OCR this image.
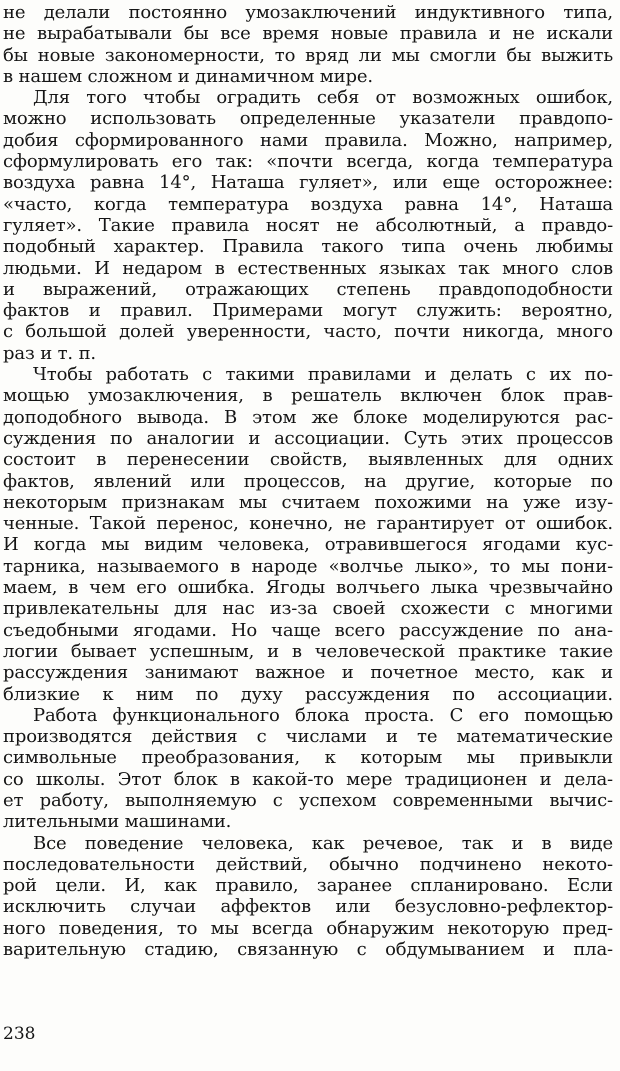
не делали постоянно умозаключений индуктивного типа,
не вырабатывали бы все время новые правила и не искали
бы новые закономерности, то вряд ли мы смогли бы выжить
в нашем сложном и динамичном мире.
Для того чтобы оградить себя от возможных ошибок,
можно использовать определенные указатели правдопо-
добия сформированного нами правила. Можно, например,
сформулировать его так: «почти всегда, когда температура
воздуха равна 14°, Наташа гуляет», или еще осторожнее:
«часто, когда температура воздуха равна 14°, Наташа
гуляет». Такие правила носят не абсолютный, а правдо-
подобный характер. Правила такого типа очень любимы
людьми. И недаром в естественных языках так много слов
и выражений, отражающих степень правдоподобности
фактов и правил. Примерами могут служить: вероятно,
с большой долей уверенности, часто, почти никогда, много
раз и т. п.
Чтобы работать с такими правилами и делать с их по-
мощью умозаключения, в решатель включен блок прав-
доподобного вывода. В этом же блоке моделируются рас-
суждения по аналогии и ассоциации. Суть этих процессов
состоит в перенесении свойств, выявленных для одних
фактов, явлений или процессов, на другие, которые по
некоторым признакам мы считаем похожими на уже изу-
ченные. Такой перенос, конечно, не гарантирует от ошибок.
И когда мы видим человека, отравившегося ягодами кус-
тарника, называемого в народе «волчье лыко», то мы пони-
маем, в чем его ошибка. Ягоды волчьего лыка чрезвычайно
привлекательны для нас из-за своей схожести с многими
съедобными ягодами. Но чаще всего рассуждение по ана-
логии бывает успешным, и в человеческой практике такие
рассуждения занимают важное и почетное место, как и
близкие к ним по духу рассуждения по ассоциации.
Работа функционального блока проста. С его помощью
производятся действия с числами и те математические
символьные преобразования, к которым мы привыкли
со школы. Этот блок в какой-то мере традиционен и дела-
ет работу, выполняемую с успехом современными вычис-
лительными машинами.
Все поведение человека, как речевое, так и в виде
последовательности действий, обычно подчинено некото-
рой цели. И, как правило, заранее спланировано. Если
исключить случаи аффектов или безусловно-рефлектор-
ного поведения, то мы всегда обнаружим некоторую пред-
варительную стадию, связанную с обдумыванием и пла-
238
